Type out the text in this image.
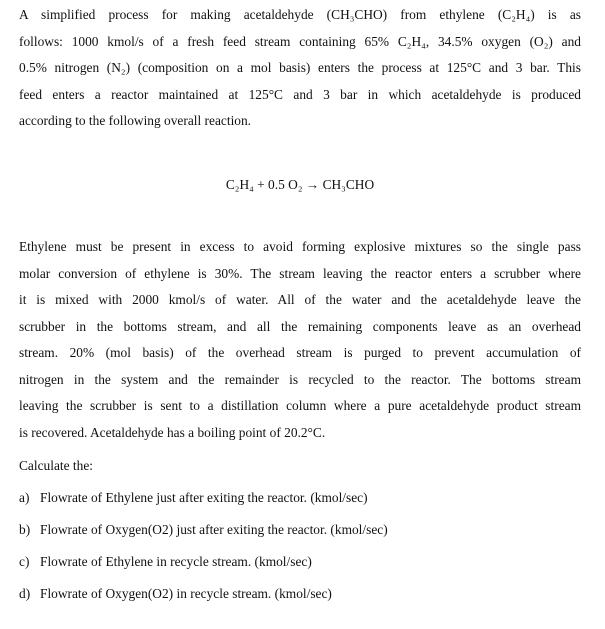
A simplified process for making acetaldehyde (CH₃CHO) from ethylene (C₂H₄) is as
follows: 1000 kmol/s of a fresh feed stream containing 65% C₂H₄, 34.5% oxygen (O₂) and
0.5% nitrogen (N₂) (composition on a mol basis) enters the process at 125°C and 3 bar. This
feed enters a reactor maintained at 125°C and 3 bar in which acetaldehyde is produced
according to the following overall reaction.
C₂H₄ + 0.5 O₂ → CH₃CHO
Ethylene must be present in excess to avoid forming explosive mixtures so the single pass
molar conversion of ethylene is 30%. The stream leaving the reactor enters a scrubber where
it is mixed with 2000 kmol/s of water. All of the water and the acetaldehyde leave the
scrubber in the bottoms stream, and all the remaining components leave as an overhead
stream. 20% (mol basis) of the overhead stream is purged to prevent accumulation of
nitrogen in the system and the remainder is recycled to the reactor. The bottoms stream
leaving the scrubber is sent to a distillation column where a pure acetaldehyde product stream
is recovered. Acetaldehyde has a boiling point of 20.2°C.
Calculate the:
a) Flowrate of Ethylene just after exiting the reactor. (kmol/sec)
b) Flowrate of Oxygen(O2) just after exiting the reactor. (kmol/sec)
c) Flowrate of Ethylene in recycle stream. (kmol/sec)
d) Flowrate of Oxygen(O2) in recycle stream. (kmol/sec)
